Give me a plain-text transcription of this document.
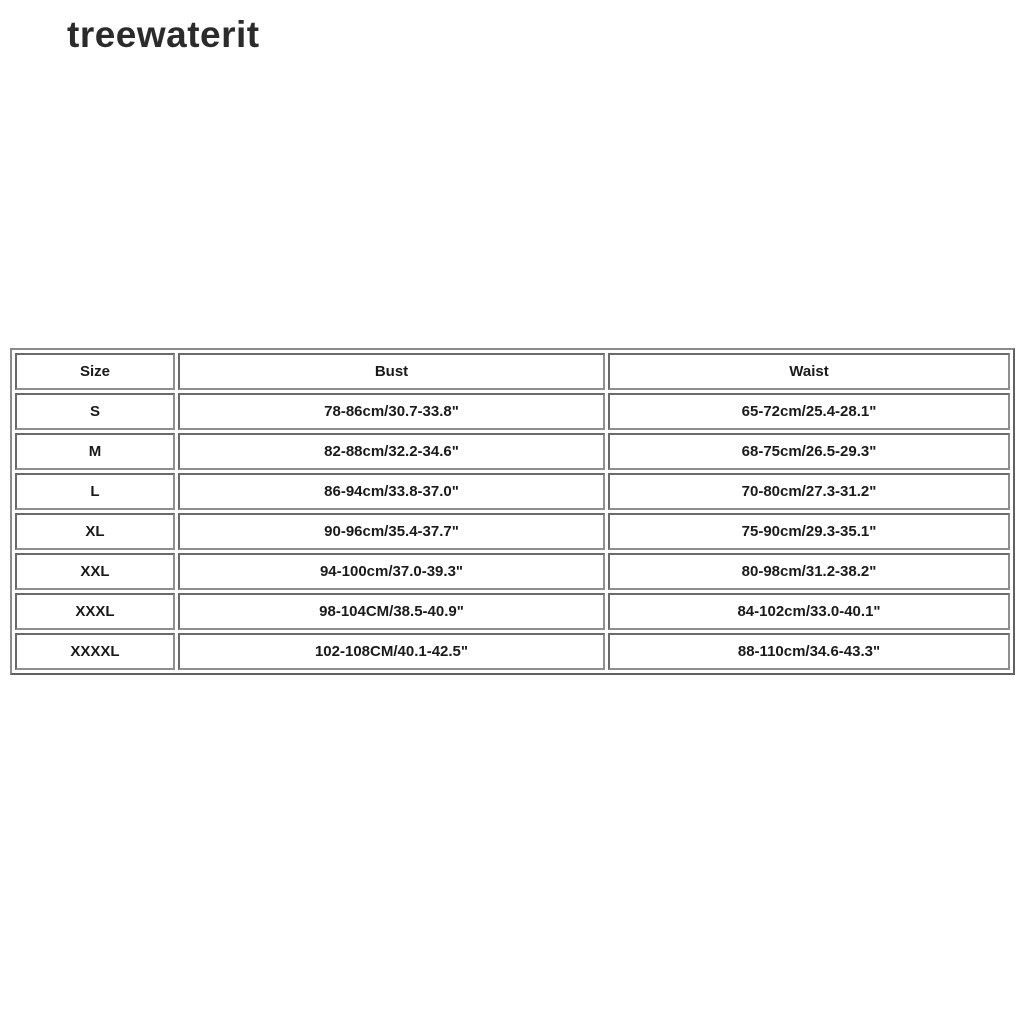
treewaterit
Size	Bust	Waist
S	78-86cm/30.7-33.8"	65-72cm/25.4-28.1"
M	82-88cm/32.2-34.6"	68-75cm/26.5-29.3"
L	86-94cm/33.8-37.0"	70-80cm/27.3-31.2"
XL	90-96cm/35.4-37.7"	75-90cm/29.3-35.1"
XXL	94-100cm/37.0-39.3"	80-98cm/31.2-38.2"
XXXL	98-104CM/38.5-40.9"	84-102cm/33.0-40.1"
XXXXL	102-108CM/40.1-42.5"	88-110cm/34.6-43.3"
